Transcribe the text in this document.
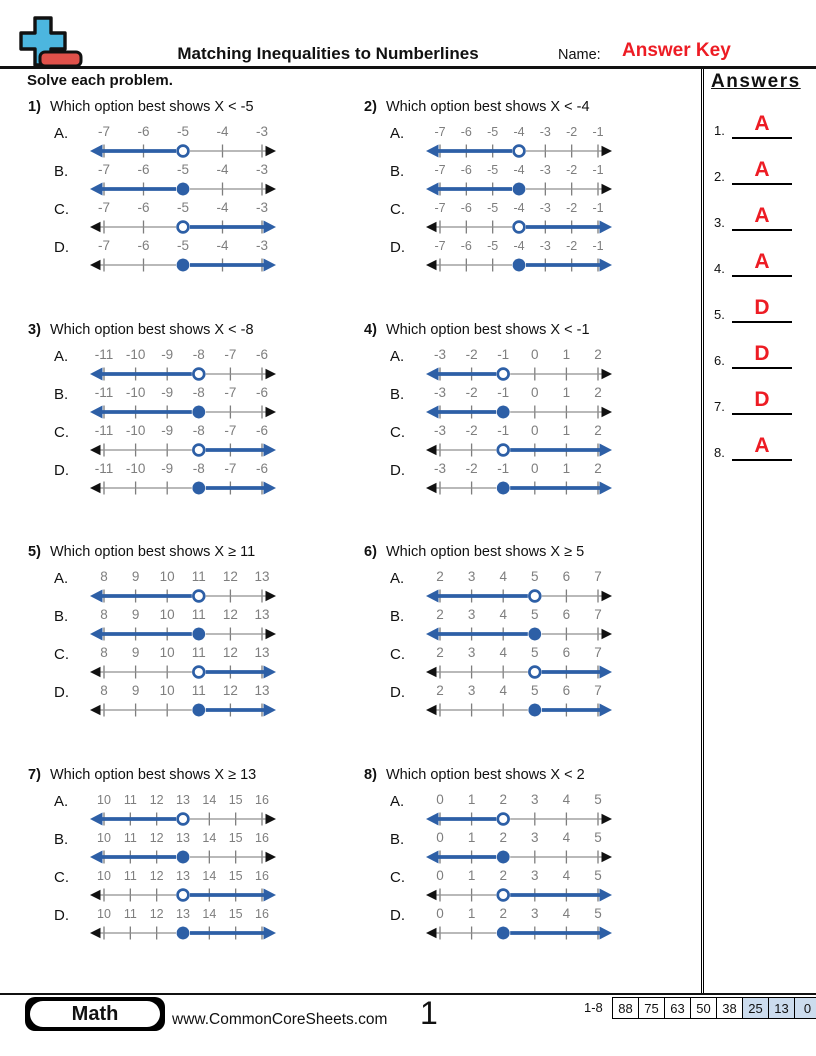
Matching Inequalities to Numberlines	Name: Answer Key
Solve each problem.
1) Which option best shows X < -5
A.	-7 -6 -5 -4 -3
B.	-7 -6 -5 -4 -3
C.	-7 -6 -5 -4 -3
D.	-7 -6 -5 -4 -3
2) Which option best shows X < -4
A.	-7 -6 -5 -4 -3 -2 -1
B.	-7 -6 -5 -4 -3 -2 -1
C.	-7 -6 -5 -4 -3 -2 -1
D.	-7 -6 -5 -4 -3 -2 -1
3) Which option best shows X < -8
A.	-11 -10 -9 -8 -7 -6
B.	-11 -10 -9 -8 -7 -6
C.	-11 -10 -9 -8 -7 -6
D.	-11 -10 -9 -8 -7 -6
4) Which option best shows X < -1
A.	-3 -2 -1 0 1 2
B.	-3 -2 -1 0 1 2
C.	-3 -2 -1 0 1 2
D.	-3 -2 -1 0 1 2
5) Which option best shows X ≥ 11
A.	8 9 10 11 12 13
B.	8 9 10 11 12 13
C.	8 9 10 11 12 13
D.	8 9 10 11 12 13
6) Which option best shows X ≥ 5
A.	2 3 4 5 6 7
B.	2 3 4 5 6 7
C.	2 3 4 5 6 7
D.	2 3 4 5 6 7
7) Which option best shows X ≥ 13
A.	10 11 12 13 14 15 16
B.	10 11 12 13 14 15 16
C.	10 11 12 13 14 15 16
D.	10 11 12 13 14 15 16
8) Which option best shows X < 2
A.	0 1 2 3 4 5
B.	0 1 2 3 4 5
C.	0 1 2 3 4 5
D.	0 1 2 3 4 5
Answers
1.	A
2.	A
3.	A
4.	A
5.	D
6.	D
7.	D
8.	A
Math	www.CommonCoreSheets.com 1	1-8	88 75 63 50 38 25 13	0
